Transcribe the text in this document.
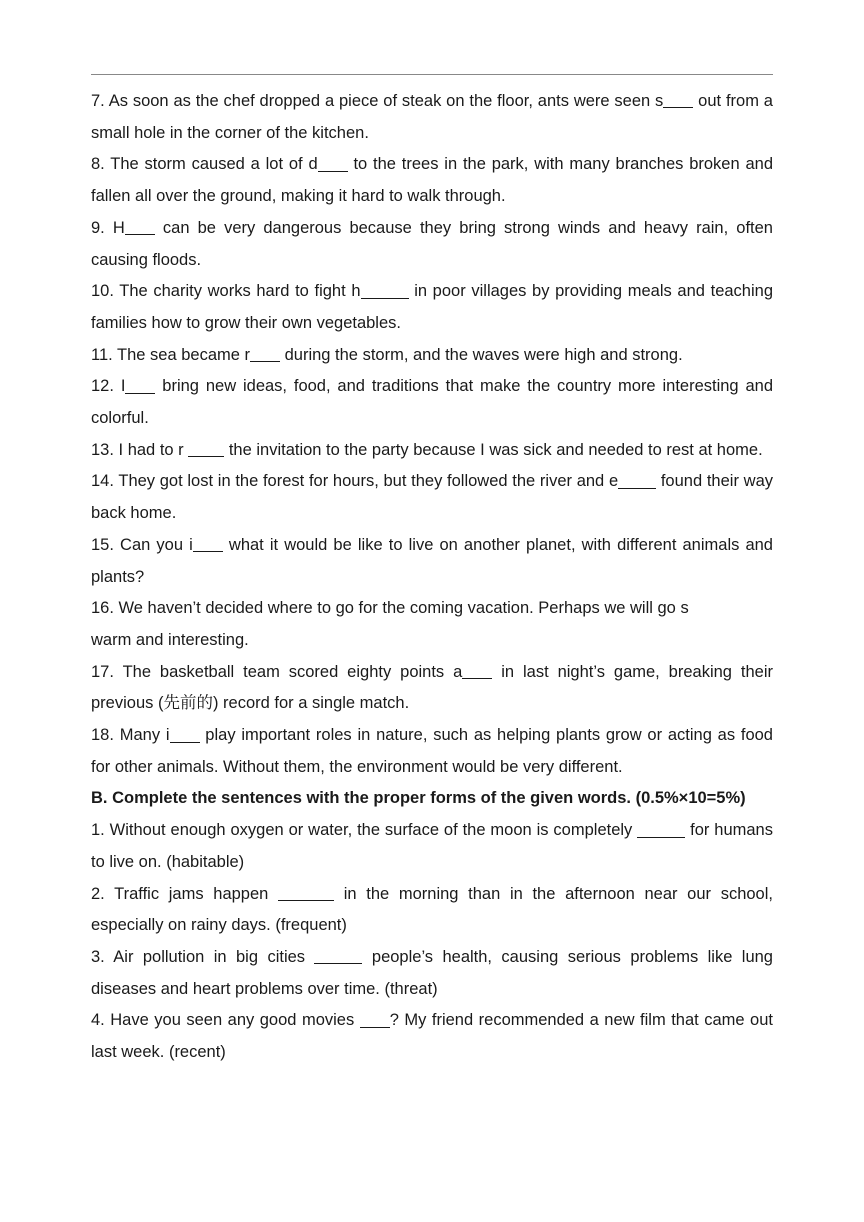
7. As soon as the chef dropped a piece of steak on the floor, ants were seen s out from a small hole in the corner of the kitchen.

8. The storm caused a lot of d to the trees in the park, with many branches broken and fallen all over the ground, making it hard to walk through.

9. H can be very dangerous because they bring strong winds and heavy rain, often causing floods.

10. The charity works hard to fight h	in poor villages by providing meals and teaching families how to grow their own vegetables.

11. The sea became r during the storm, and the waves were high and strong.

12. I bring new ideas, food, and traditions that make the country more interesting and colorful.

13. I had to r  the invitation to the party because I was sick and needed to rest at home.

14. They got lost in the forest for hours, but they followed the river and e	found their way back home.

15. Can you i what it would be like to live on another planet, with different animals and plants?

16. We haven’t decided where to go for the coming vacation. Perhaps we will go s

warm and interesting.

17. The basketball team scored eighty points a in last night’s game, breaking their previous (先前的) record for a single match.

18. Many i play important roles in nature, such as helping plants grow or acting as food for other animals. Without them, the environment would be very different.

B. Complete the sentences with the proper forms of the given words. (0.5%×10=5%)

1. Without enough oxygen or water, the surface of the moon is completely	for humans to live on. (habitable)

2. Traffic jams happen	in the morning than in the afternoon near our school, especially on rainy days. (frequent)

3. Air pollution in big cities	people’s health, causing serious problems like lung diseases and heart problems over time. (threat)

4. Have you seen any good movies ? My friend recommended a new film that came out last week. (recent)
